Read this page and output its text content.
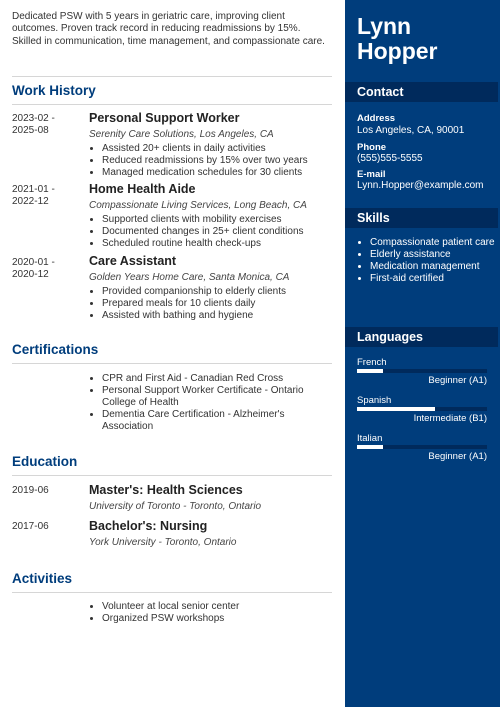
Dedicated PSW with 5 years in geriatric care, improving client outcomes. Proven track record in reducing readmissions by 15%. Skilled in communication, time management, and compassionate care.
Work History
2023-02 -
2025-08
Personal Support Worker
Serenity Care Solutions, Los Angeles, CA
• Assisted 20+ clients in daily activities
• Reduced readmissions by 15% over two years
• Managed medication schedules for 30 clients
2021-01 -
2022-12
Home Health Aide
Compassionate Living Services, Long Beach, CA
• Supported clients with mobility exercises
• Documented changes in 25+ client conditions
• Scheduled routine health check-ups
2020-01 -
2020-12
Care Assistant
Golden Years Home Care, Santa Monica, CA
• Provided companionship to elderly clients
• Prepared meals for 10 clients daily
• Assisted with bathing and hygiene
Certifications
• CPR and First Aid - Canadian Red Cross
• Personal Support Worker Certificate - Ontario College of Health
• Dementia Care Certification - Alzheimer's Association
Education
2019-06	Master's: Health Sciences
University of Toronto - Toronto, Ontario
2017-06	Bachelor's: Nursing
York University - Toronto, Ontario
Activities
• Volunteer at local senior center
• Organized PSW workshops
Lynn
Hopper
Contact
Address
Los Angeles, CA, 90001
Phone
(555)555-5555
E-mail
Lynn.Hopper@example.com
Skills
• Compassionate patient care
• Elderly assistance
• Medication management
• First-aid certified
Languages
French
Beginner (A1)
Spanish
Intermediate (B1)
Italian
Beginner (A1)
